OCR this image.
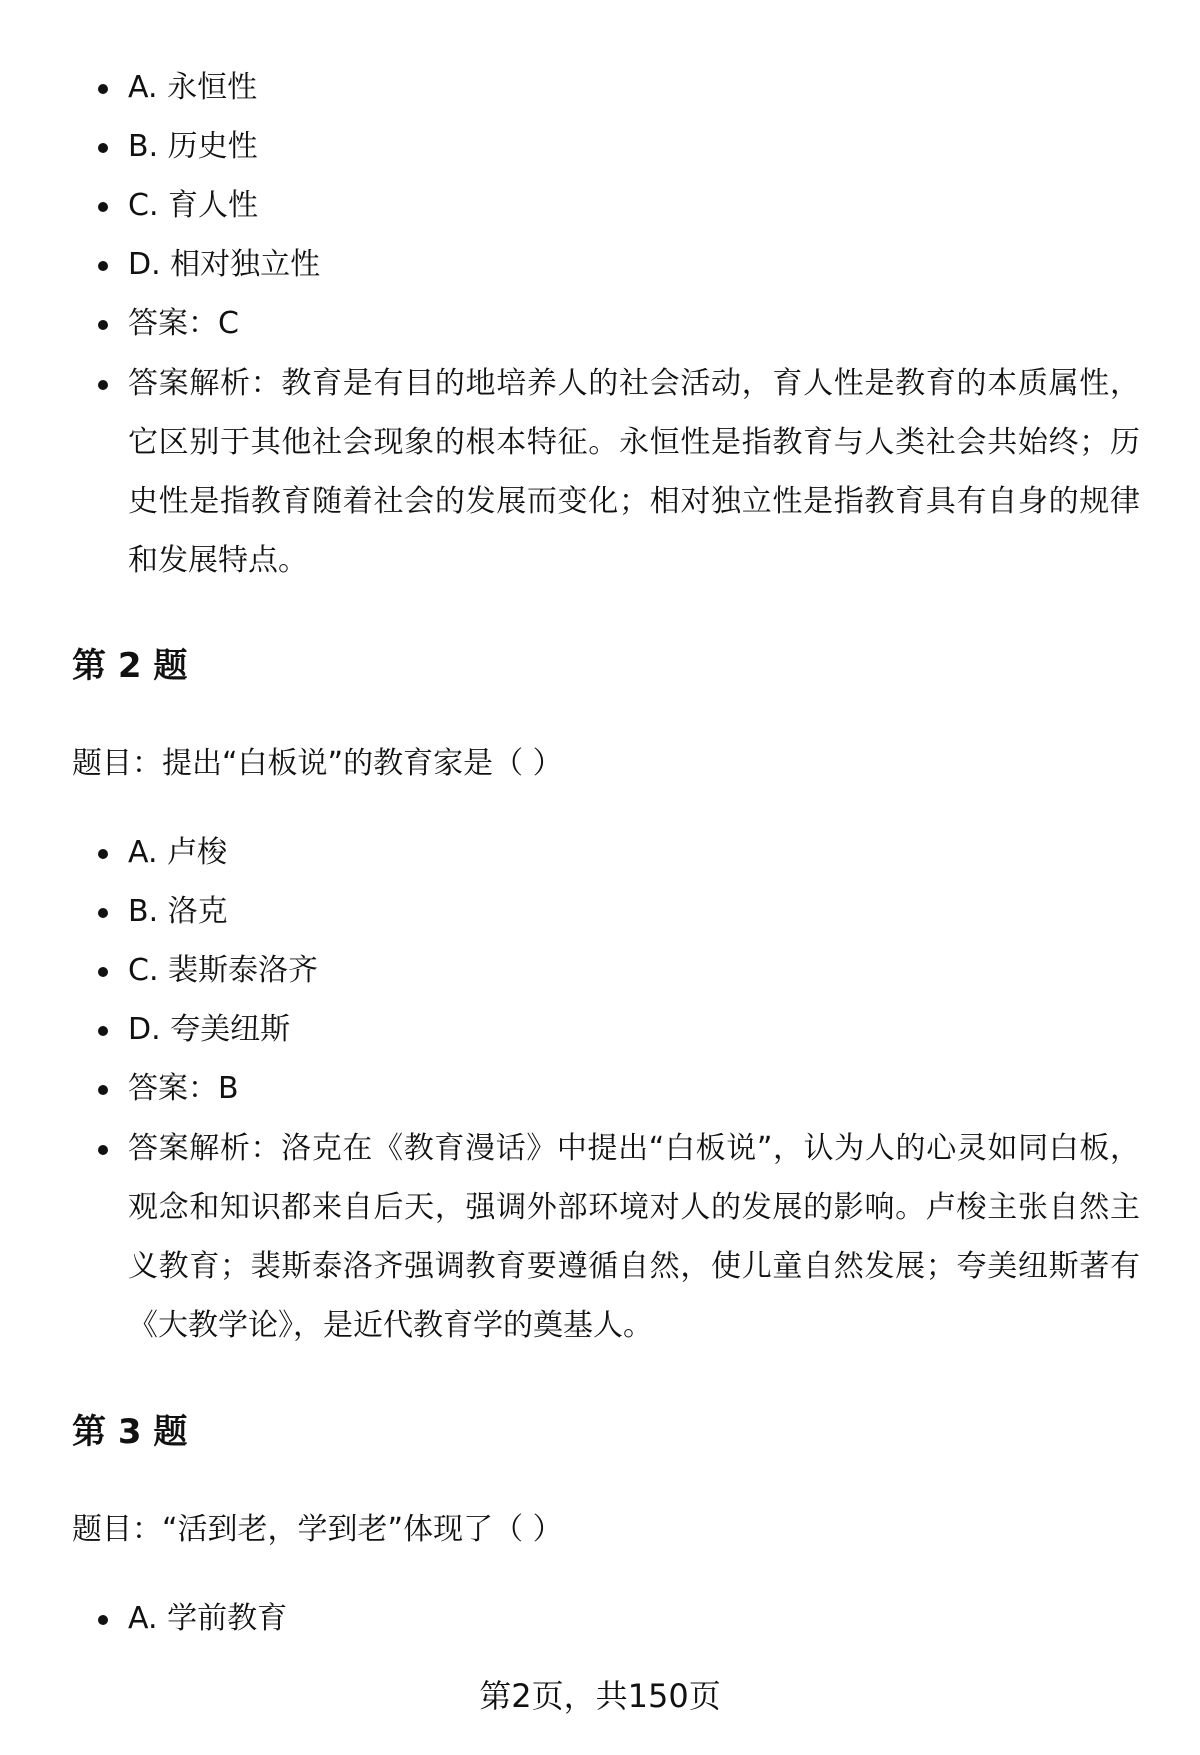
A. 永恒性
B. 历史性
C. 育人性
D. 相对独立性
答案：C
答案解析：教育是有目的地培养人的社会活动，育人性是教育的本质属性，它区别于其他社会现象的根本特征。永恒性是指教育与人类社会共始终；历史性是指教育随着社会的发展而变化；相对独立性是指教育具有自身的规律和发展特点。
第 2 题

题目：提出“白板说”的教育家是（ ）

A. 卢梭
B. 洛克
C. 裴斯泰洛齐
D. 夸美纽斯
答案：B
答案解析：洛克在《教育漫话》中提出“白板说”，认为人的心灵如同白板，观念和知识都来自后天，强调外部环境对人的发展的影响。卢梭主张自然主义教育；裴斯泰洛齐强调教育要遵循自然，使儿童自然发展；夸美纽斯著有《大教学论》，是近代教育学的奠基人。
第 3 题

题目：“活到老，学到老”体现了（ ）

A. 学前教育
第2页，共150页
